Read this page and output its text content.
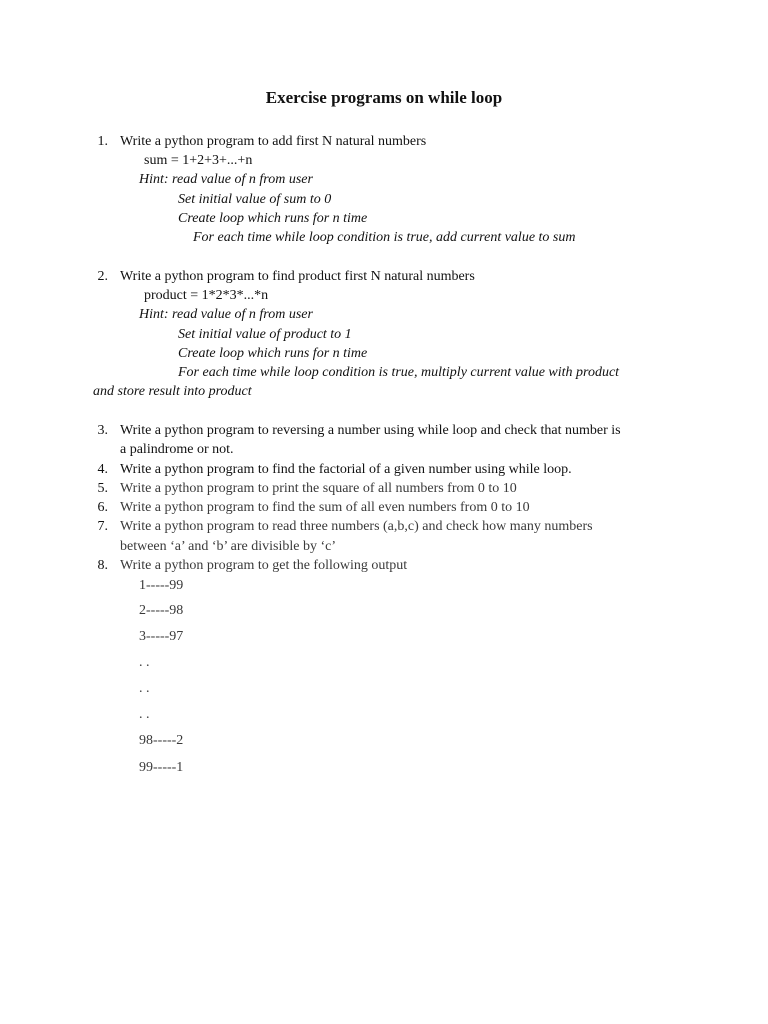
Exercise programs on while loop
1. Write a python program to add first N natural numbers
sum = 1+2+3+...+n
Hint: read value of n from user
Set initial value of sum to 0
Create loop which runs for n time
For each time while loop condition is true, add current value to sum
2. Write a python program to find product first N natural numbers
product = 1*2*3*...*n
Hint: read value of n from user
Set initial value of product to 1
Create loop which runs for n time
For each time while loop condition is true, multiply current value with product
and store result into product
3. Write a python program to reversing a number using while loop and check that number is
a palindrome or not.
4. Write a python program to find the factorial of a given number using while loop.
5. Write a python program to print the square of all numbers from 0 to 10
6. Write a python program to find the sum of all even numbers from 0 to 10
7. Write a python program to read three numbers (a,b,c) and check how many numbers
between ‘a’ and ‘b’ are divisible by ‘c’
8. Write a python program to get the following output
1-----99
2-----98
3-----97
. .
. .
. .
98-----2
99-----1
